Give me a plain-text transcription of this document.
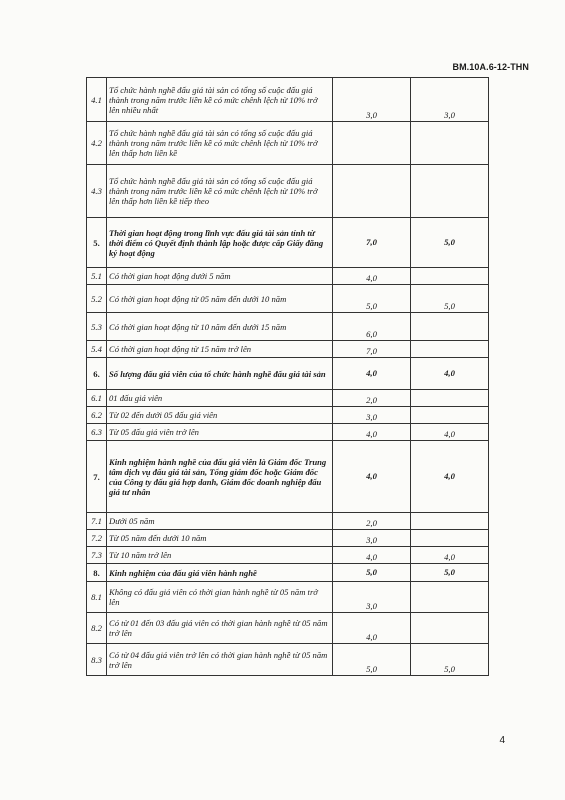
BM.10A.6-12-THN
4.1	Tổ chức hành nghề đấu giá tài sản có tổng số cuộc đấu giá thành trong năm trước liền kề có mức chênh lệch từ 10% trở lên nhiều nhất	3,0	3,0
4.2	Tổ chức hành nghề đấu giá tài sản có tổng số cuộc đấu giá thành trong năm trước liền kề có mức chênh lệch từ 10% trở lên thấp hơn liền kề		
4.3	Tổ chức hành nghề đấu giá tài sản có tổng số cuộc đấu giá thành trong năm trước liền kề có mức chênh lệch từ 10% trở lên thấp hơn liền kề tiếp theo		
5.	Thời gian hoạt động trong lĩnh vực đấu giá tài sản tính từ thời điểm có Quyết định thành lập hoặc được cấp Giấy đăng ký hoạt động	7,0	5,0
5.1	Có thời gian hoạt động dưới 5 năm	4,0	
5.2	Có thời gian hoạt động từ 05 năm đến dưới 10 năm	5,0	5,0
5.3	Có thời gian hoạt động từ 10 năm đến dưới 15 năm	6,0	
5.4	Có thời gian hoạt động từ 15 năm trở lên	7,0	
6.	Số lượng đấu giá viên của tổ chức hành nghề đấu giá tài sản	4,0	4,0
6.1	01 đấu giá viên	2,0	
6.2	Từ 02 đến dưới 05 đấu giá viên	3,0	
6.3	Từ 05 đấu giá viên trở lên	4,0	4,0
7.	Kinh nghiệm hành nghề của đấu giá viên là Giám đốc Trung tâm dịch vụ đấu giá tài sản, Tổng giám đốc hoặc Giám đốc của Công ty đấu giá hợp danh, Giám đốc doanh nghiệp đấu giá tư nhân	4,0	4,0
7.1	Dưới 05 năm	2,0	
7.2	Từ 05 năm đến dưới 10 năm	3,0	
7.3	Từ 10 năm trở lên	4,0	4,0
8.	Kinh nghiệm của đấu giá viên hành nghề	5,0	5,0
8.1	Không có đấu giá viên có thời gian hành nghề từ 05 năm trở lên	3,0	
8.2	Có từ 01 đến 03 đấu giá viên có thời gian hành nghề từ 05 năm trở lên	4,0	
8.3	Có từ 04 đấu giá viên trở lên có thời gian hành nghề từ 05 năm trở lên	5,0	5,0
4
